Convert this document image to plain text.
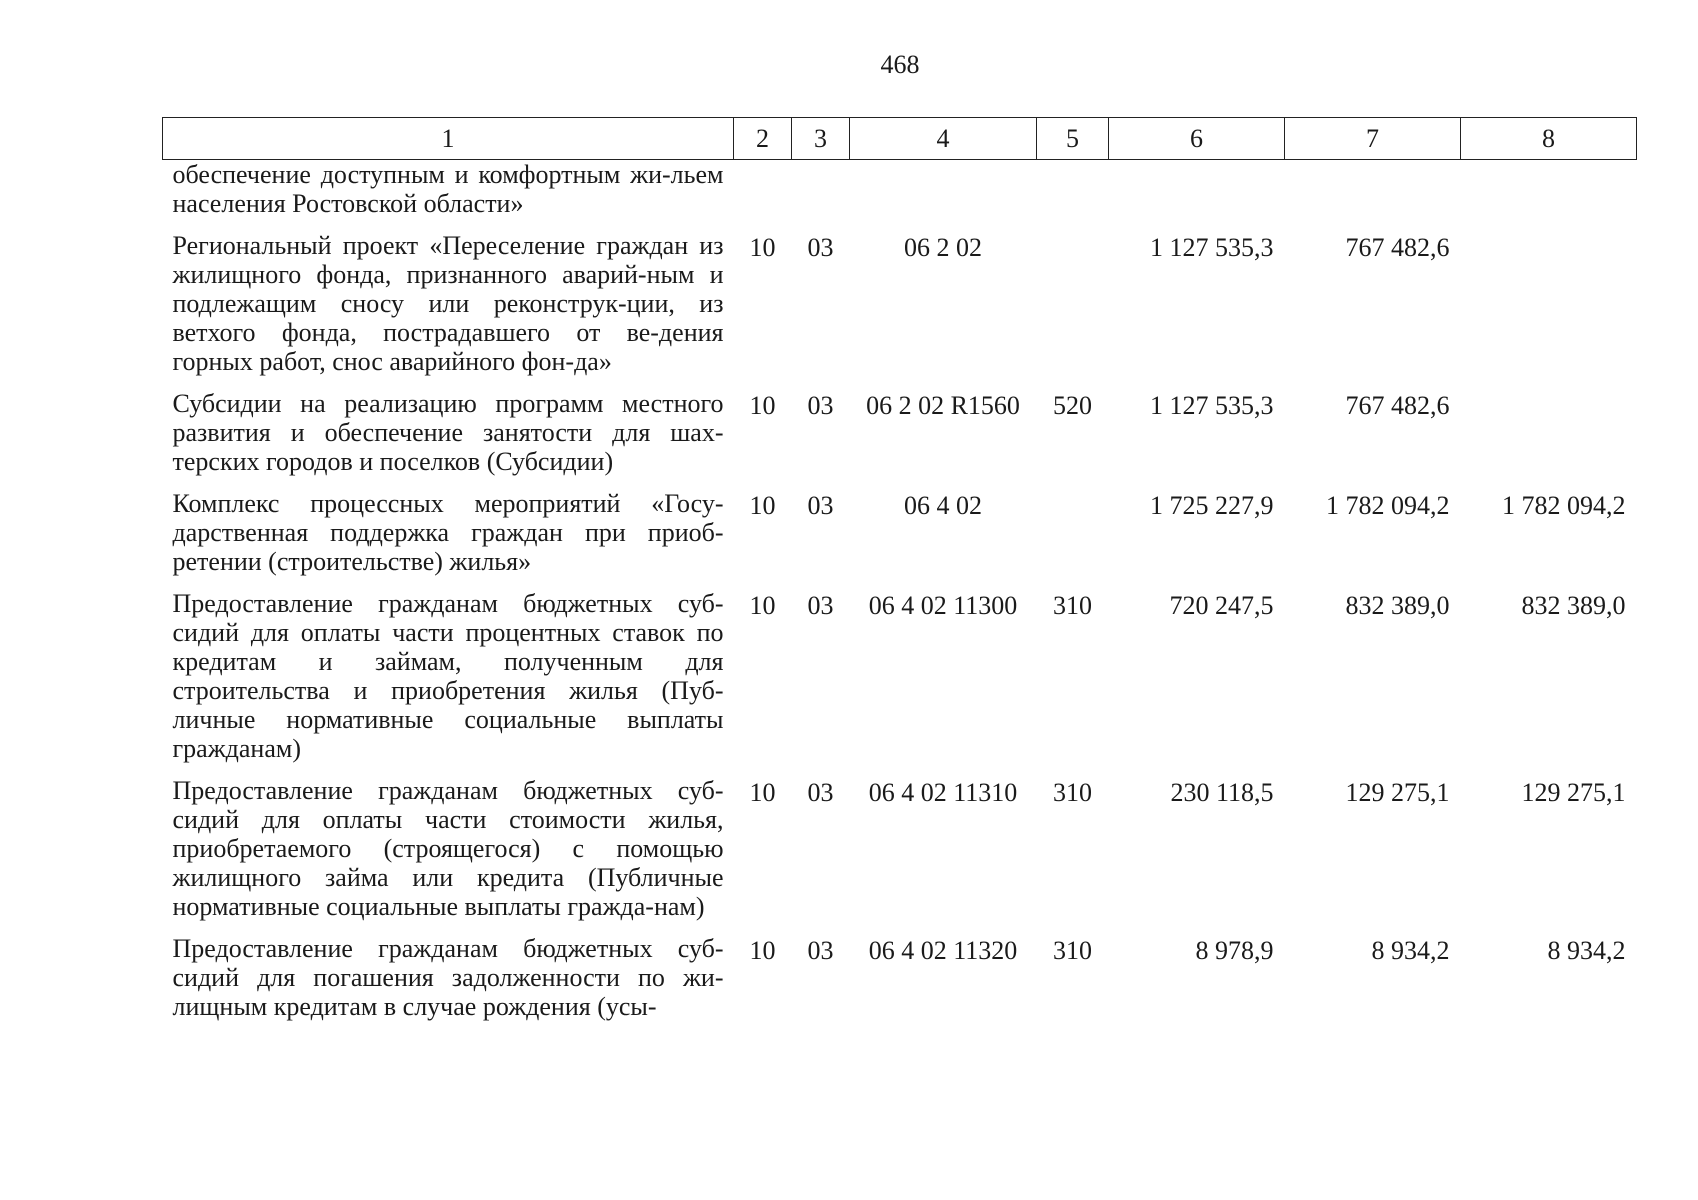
468
1	2	3	4	5	6	7	8
обеспечение доступным и комфортным жи-льем населения Ростовской области»							
Региональный проект «Переселение граждан из жилищного фонда, признанного аварий-ным и подлежащим сносу или реконструк-ции, из ветхого фонда, пострадавшего от ве-дения горных работ, снос аварийного фон-да»	10	03	06 2 02		1 127 535,3	767 482,6	
Субсидии на реализацию программ местного развития и обеспечение занятости для шах-терских городов и поселков (Субсидии)	10	03	06 2 02 R1560	520	1 127 535,3	767 482,6	
Комплекс процессных мероприятий «Госу-дарственная поддержка граждан при приоб-ретении (строительстве) жилья»	10	03	06 4 02		1 725 227,9	1 782 094,2	1 782 094,2
Предоставление гражданам бюджетных суб-сидий для оплаты части процентных ставок по кредитам и займам, полученным для строительства и приобретения жилья (Пуб-личные нормативные социальные выплаты гражданам)	10	03	06 4 02 11300	310	720 247,5	832 389,0	832 389,0
Предоставление гражданам бюджетных суб-сидий для оплаты части стоимости жилья, приобретаемого (строящегося) с помощью жилищного займа или кредита (Публичные нормативные социальные выплаты гражда-нам)	10	03	06 4 02 11310	310	230 118,5	129 275,1	129 275,1
Предоставление гражданам бюджетных суб-сидий для погашения задолженности по жи-лищным кредитам в случае рождения (усы-	10	03	06 4 02 11320	310	8 978,9	8 934,2	8 934,2
